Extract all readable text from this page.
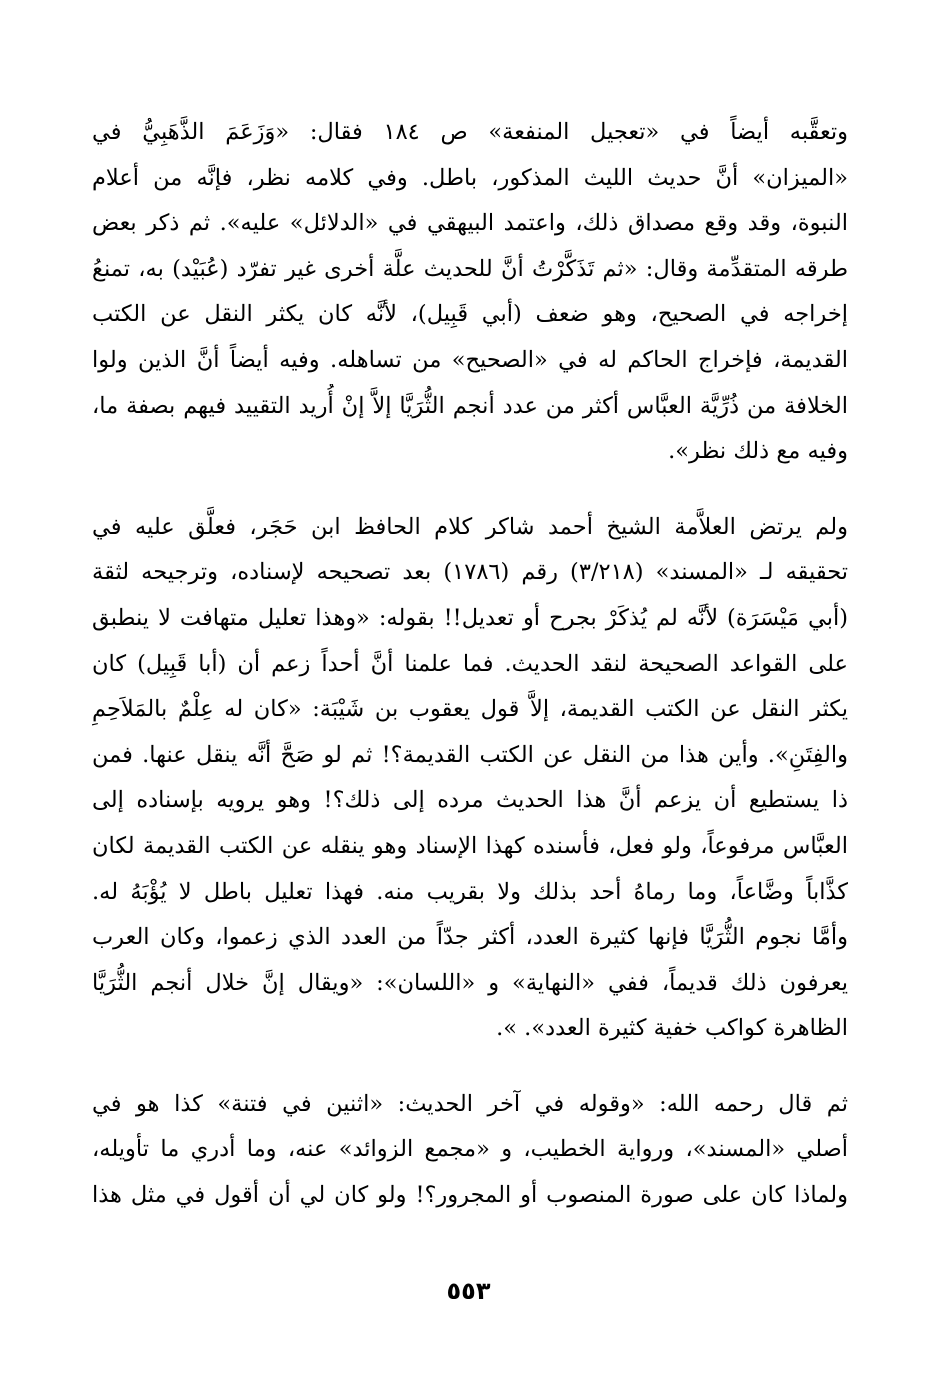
وتعقَّبه أيضاً في «تعجيل المنفعة» ص ١٨٤ فقال: «وَزَعَمَ الذَّهَبِيُّ في
«الميزان» أنَّ حديث الليث المذكور، باطل. وفي كلامه نظر، فإنَّه من أعلام
النبوة، وقد وقع مصداق ذلك، واعتمد البيهقي في «الدلائل» عليه». ثم ذكر بعض
طرقه المتقدِّمة وقال: «ثم تَذَكَّرْتُ أنَّ للحديث علَّة أخرى غير تفرّد (عُبَيْد) به، تمنعُ
إخراجه في الصحيح، وهو ضعف (أبي قَبِيل)، لأنَّه كان يكثر النقل عن الكتب
القديمة، فإخراج الحاكم له في «الصحيح» من تساهله. وفيه أيضاً أنَّ الذين ولوا
الخلافة من ذُرِّيَّة العبَّاس أكثر من عدد أنجم الثُّرَيَّا إلاَّ إنْ أُريد التقييد فيهم بصفة ما،
وفيه مع ذلك نظر».
ولم يرتض العلاَّمة الشيخ أحمد شاكر كلام الحافظ ابن حَجَر، فعلَّق عليه في
تحقيقه لـ «المسند» (٣/٢١٨) رقم (١٧٨٦) بعد تصحيحه لإسناده، وترجيحه لثقة
(أبي مَيْسَرَة) لأنَّه لم يُذكَرْ بجرح أو تعديل!! بقوله: «وهذا تعليل متهافت لا ينطبق
على القواعد الصحيحة لنقد الحديث. فما علمنا أنَّ أحداً زعم أن (أبا قَبِيل) كان
يكثر النقل عن الكتب القديمة، إلاَّ قول يعقوب بن شَيْبَة: «كان له عِلْمٌ بالمَلاَحِمِ
والفِتَنِ». وأين هذا من النقل عن الكتب القديمة؟! ثم لو صَحَّ أنَّه ينقل عنها. فمن
ذا يستطيع أن يزعم أنَّ هذا الحديث مرده إلى ذلك؟! وهو يرويه بإسناده إلى
العبَّاس مرفوعاً، ولو فعل، فأسنده كهذا الإسناد وهو ينقله عن الكتب القديمة لكان
كذَّاباً وضَّاعاً، وما رماهُ أحد بذلك ولا بقريب منه. فهذا تعليل باطل لا يُؤْبَهُ له.
وأمَّا نجوم الثُّرَيَّا فإنها كثيرة العدد، أكثر جدّاً من العدد الذي زعموا، وكان العرب
يعرفون ذلك قديماً، ففي «النهاية» و «اللسان»: «ويقال إنَّ خلال أنجم الثُّرَيَّا
الظاهرة كواكب خفية كثيرة العدد». ».
ثم قال رحمه الله: «وقوله في آخر الحديث: «اثنين في فتنة» كذا هو في
أصلي «المسند»، ورواية الخطيب، و «مجمع الزوائد» عنه، وما أدري ما تأويله،
ولماذا كان على صورة المنصوب أو المجرور؟! ولو كان لي أن أقول في مثل هذا
٥٥٣
